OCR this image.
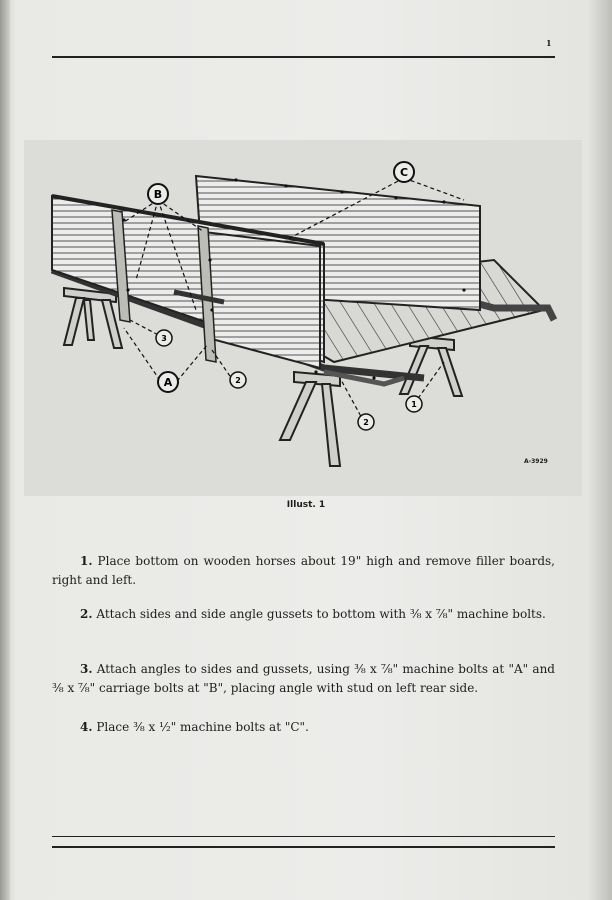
1
B
C
A	2
2
1
3
A-3929
Illust. 1
1. Place bottom on wooden horses about 19" high and remove filler boards, right and left.
2. Attach sides and side angle gussets to bottom with ⅜ x ⅞" machine bolts.
3. Attach angles to sides and gussets, using ⅜ x ⅞" machine bolts at "A" and ⅜ x ⅞" carriage bolts at "B", placing angle with stud on left rear side.
4. Place ⅜ x ½" machine bolts at "C".
